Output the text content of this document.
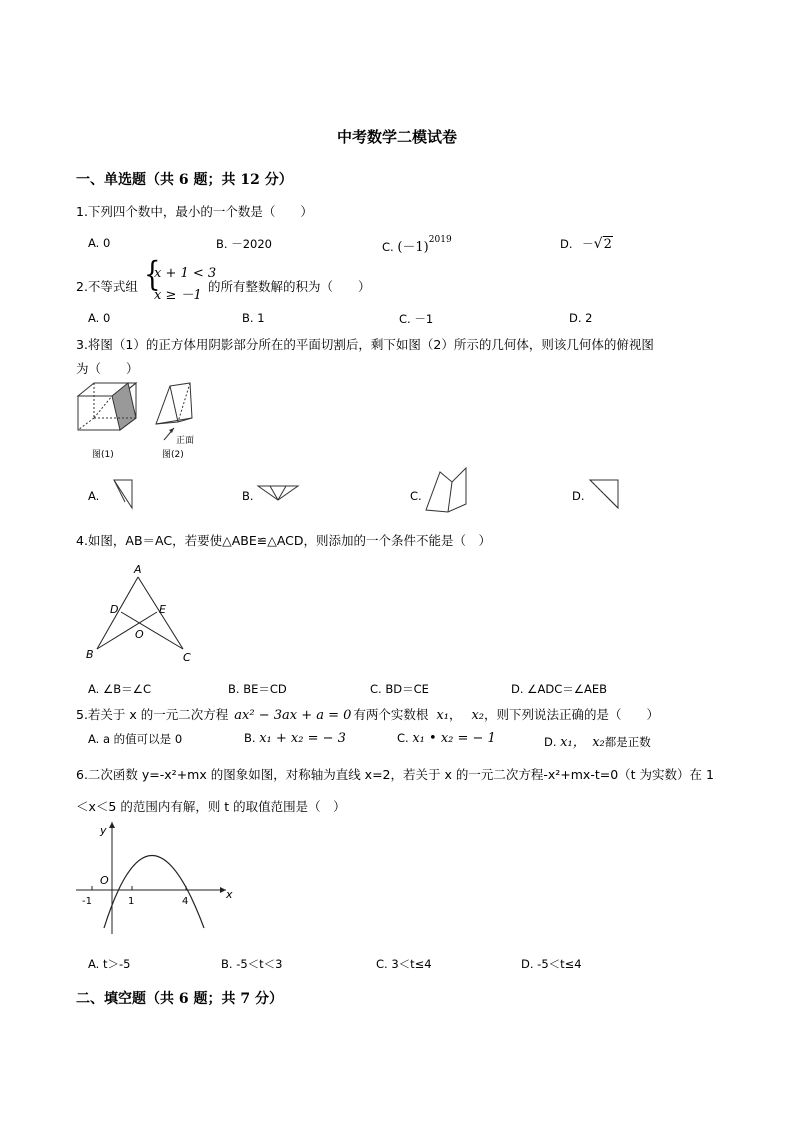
中考数学二模试卷
一、单选题（共 6 题；共 12 分）
1.下列四个数中，最小的一个数是（　　）
A. 0	B. －2020	C. $(-1)^{2019}$	D. －√2
2.不等式组 {
x + 1 < 3
x ≥ －1
的所有整数解的积为（　　）
A. 0	B. 1	C. －1	D. 2
3.将图（1）的正方体用阴影部分所在的平面切割后，剩下如图（2）所示的几何体，则该几何体的俯视图
为（　　）
图(1)
正面
图(2)
A.	B.	C.	D.
4.如图，AB＝AC，若要使△ABE≌△ACD，则添加的一个条件不能是（　）
A
D	E
O
B	C
A. ∠B＝∠C	B. BE＝CD	C. BD＝CE	D. ∠ADC＝∠AEB
5.若关于 x 的一元二次方程 ax² − 3ax + a = 0 有两个实数根 x₁， x₂，则下列说法正确的是（　　）
A. a 的值可以是 0	B. x₁ + x₂ = − 3	C. x₁ • x₂ = − 1	D. x₁，　x₂都是正数
6.二次函数 y=-x²+mx 的图象如图，对称轴为直线 x=2，若关于 x 的一元二次方程-x²+mx-t=0（t 为实数）在 1
＜x＜5 的范围内有解，则 t 的取值范围是（　）
y
x
O
-1	1	4
A. t＞-5	B. -5＜t＜3	C. 3＜t≤4	D. -5＜t≤4
二、填空题（共 6 题；共 7 分）
